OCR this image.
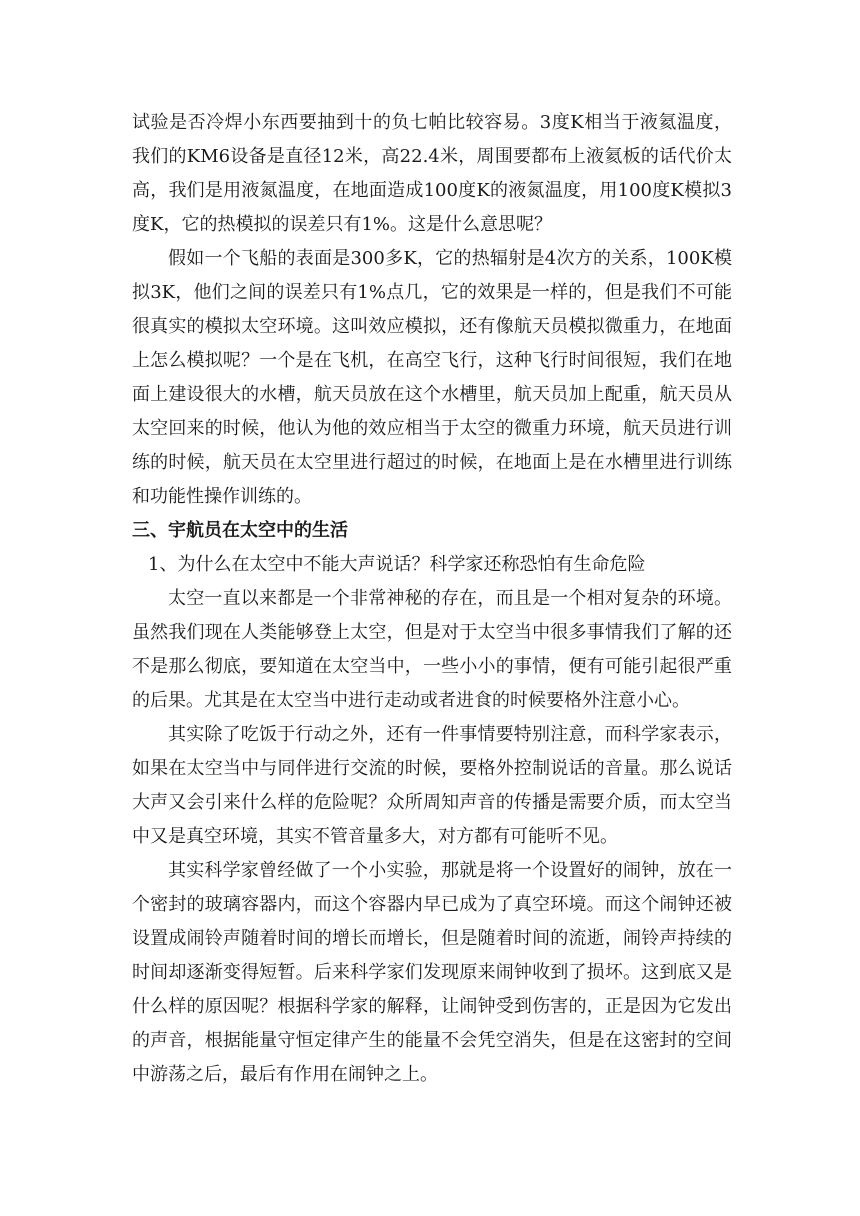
试验是否冷焊小东西要抽到十的负七帕比较容易。3度K相当于液氦温度，我们的KM6设备是直径12米，高22.4米，周围要都布上液氦板的话代价太高，我们是用液氮温度，在地面造成100度K的液氮温度，用100度K模拟3度K，它的热模拟的误差只有1%。这是什么意思呢？

假如一个飞船的表面是300多K，它的热辐射是4次方的关系，100K模拟3K，他们之间的误差只有1%点几，它的效果是一样的，但是我们不可能很真实的模拟太空环境。这叫效应模拟，还有像航天员模拟微重力，在地面上怎么模拟呢？一个是在飞机，在高空飞行，这种飞行时间很短，我们在地面上建设很大的水槽，航天员放在这个水槽里，航天员加上配重，航天员从太空回来的时候，他认为他的效应相当于太空的微重力环境，航天员进行训练的时候，航天员在太空里进行超过的时候，在地面上是在水槽里进行训练和功能性操作训练的。

三、宇航员在太空中的生活

1、为什么在太空中不能大声说话？科学家还称恐怕有生命危险

太空一直以来都是一个非常神秘的存在，而且是一个相对复杂的环境。虽然我们现在人类能够登上太空，但是对于太空当中很多事情我们了解的还不是那么彻底，要知道在太空当中，一些小小的事情，便有可能引起很严重的后果。尤其是在太空当中进行走动或者进食的时候要格外注意小心。

其实除了吃饭于行动之外，还有一件事情要特别注意，而科学家表示，如果在太空当中与同伴进行交流的时候，要格外控制说话的音量。那么说话大声又会引来什么样的危险呢？众所周知声音的传播是需要介质，而太空当中又是真空环境，其实不管音量多大，对方都有可能听不见。

其实科学家曾经做了一个小实验，那就是将一个设置好的闹钟，放在一个密封的玻璃容器内，而这个容器内早已成为了真空环境。而这个闹钟还被设置成闹铃声随着时间的增长而增长，但是随着时间的流逝，闹铃声持续的时间却逐渐变得短暂。后来科学家们发现原来闹钟收到了损坏。这到底又是什么样的原因呢？根据科学家的解释，让闹钟受到伤害的，正是因为它发出的声音，根据能量守恒定律产生的能量不会凭空消失，但是在这密封的空间中游荡之后，最后有作用在闹钟之上。
